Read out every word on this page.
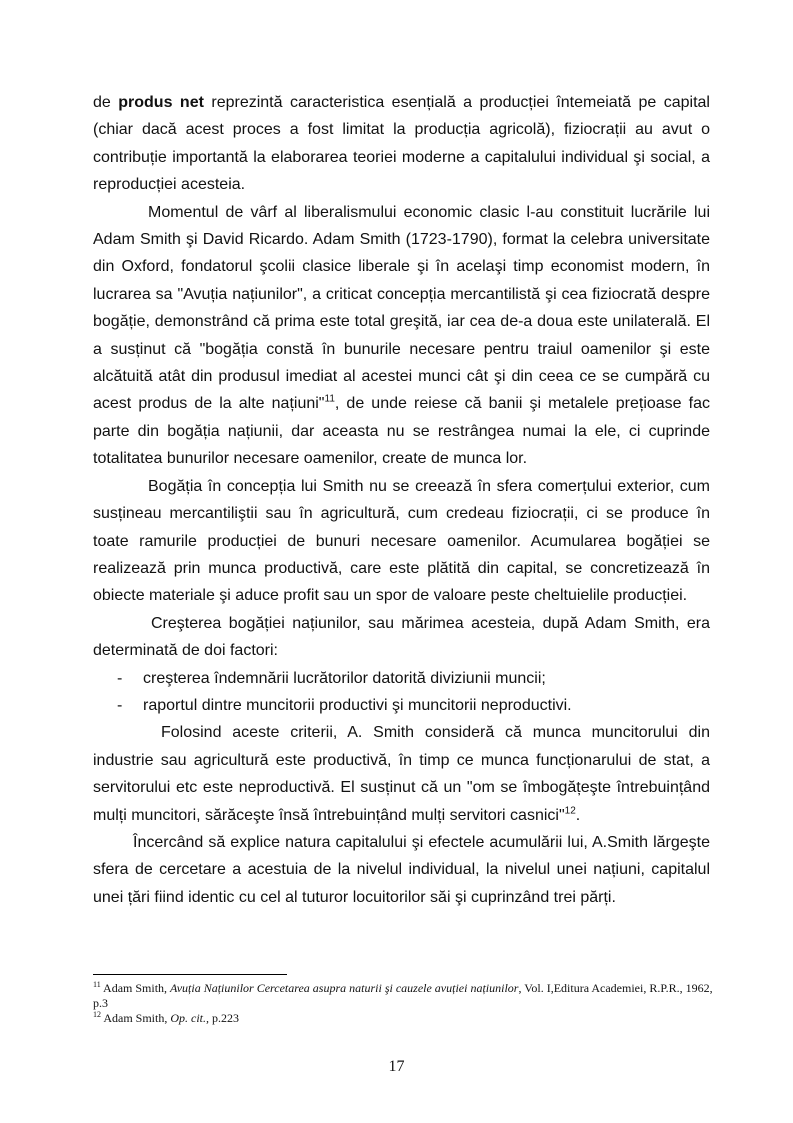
de produs net reprezintă caracteristica esențială a producției întemeiată pe capital (chiar dacă acest proces a fost limitat la producția agricolă), fiziocrații au avut o contribuție importantă la elaborarea teoriei moderne a capitalului individual şi social, a reproducției acesteia.

Momentul de vârf al liberalismului economic clasic l-au constituit lucrările lui Adam Smith şi David Ricardo. Adam Smith (1723-1790), format la celebra universitate din Oxford, fondatorul şcolii clasice liberale şi în acelaşi timp economist modern, în lucrarea sa "Avuția națiunilor", a criticat concepția mercantilistă şi cea fiziocrată despre bogăție, demonstrând că prima este total greşită, iar cea de-a doua este unilaterală. El a susținut că "bogăția constă în bunurile necesare pentru traiul oamenilor şi este alcătuită atât din produsul imediat al acestei munci cât şi din ceea ce se cumpără cu acest produs de la alte națiuni"$^{11}$, de unde reiese că banii şi metalele prețioase fac parte din bogăția națiunii, dar aceasta nu se restrângea numai la ele, ci cuprinde totalitatea bunurilor necesare oamenilor, create de munca lor.

Bogăția în concepția lui Smith nu se creează în sfera comerțului exterior, cum susțineau mercantiliştii sau în agricultură, cum credeau fiziocrații, ci se produce în toate ramurile producției de bunuri necesare oamenilor. Acumularea bogăției se realizează prin munca productivă, care este plătită din capital, se concretizează în obiecte materiale şi aduce profit sau un spor de valoare peste cheltuielile producției.

Creşterea bogăției națiunilor, sau mărimea acesteia, după Adam Smith, era determinată de doi factori:

- creşterea îndemnării lucrătorilor datorită diviziunii muncii;
- raportul dintre muncitorii productivi şi muncitorii neproductivi.

Folosind aceste criterii, A. Smith consideră că munca muncitorului din industrie sau agricultură este productivă, în timp ce munca funcționarului de stat, a servitorului etc este neproductivă. El susținut că un "om se îmbogățeşte întrebuințând mulți muncitori, sărăceşte însă întrebuințând mulți servitori casnici"$^{12}$.

Încercând să explice natura capitalului şi efectele acumulării lui, A.Smith lărgeşte sfera de cercetare a acestuia de la nivelul individual, la nivelul unei națiuni, capitalul unei țări fiind identic cu cel al tuturor locuitorilor săi şi cuprinzând trei părți.

$^{11}$ Adam Smith, Avuția Națiunilor Cercetarea asupra naturii şi cauzele avuției națiunilor, Vol. I,Editura Academiei, R.P.R., 1962, p.3

$^{12}$ Adam Smith, Op. cit., p.223

17
